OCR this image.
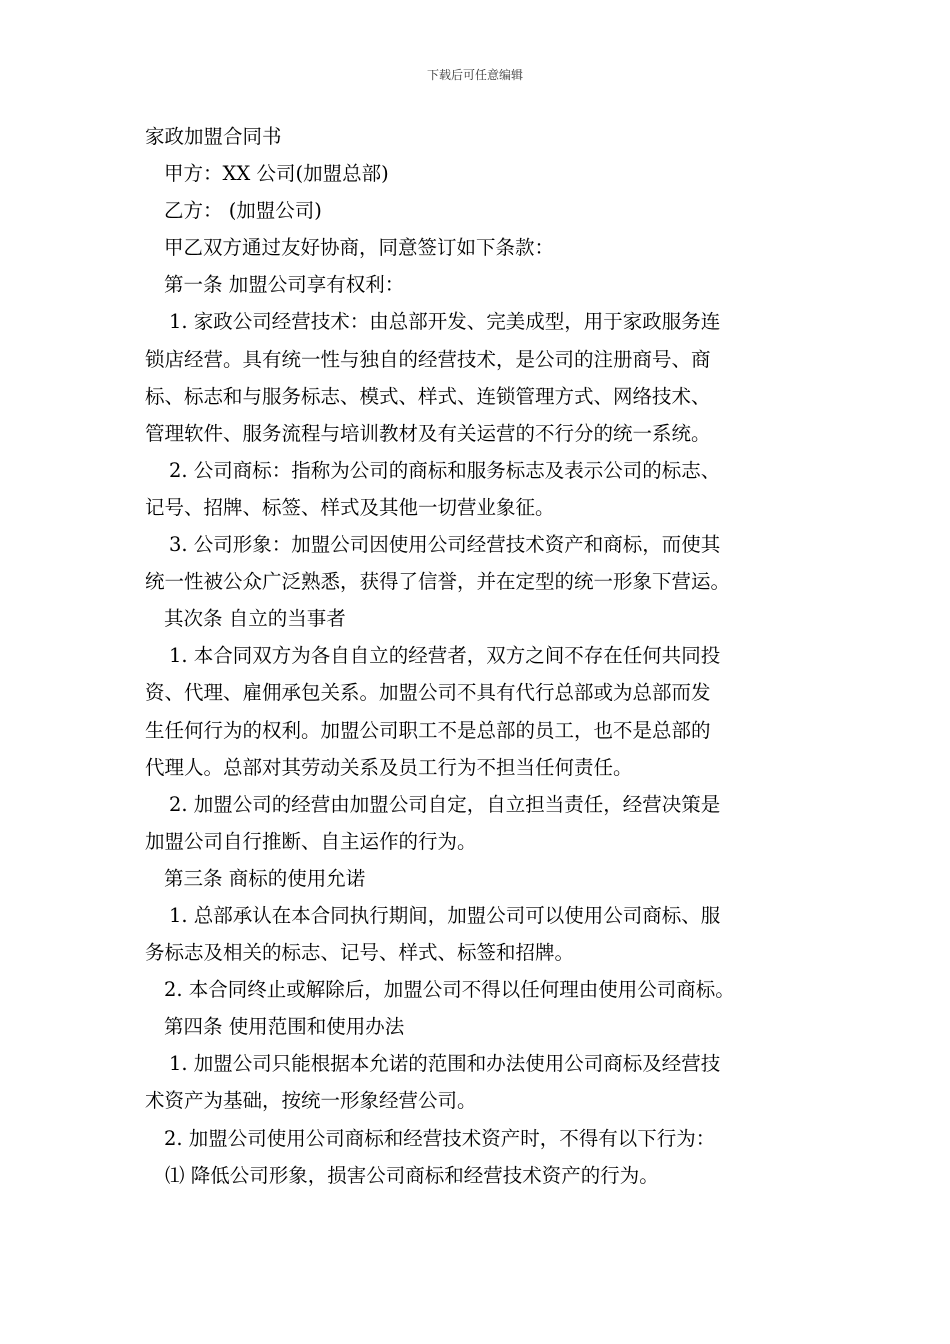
下载后可任意编辑
家政加盟合同书
甲方：XX 公司(加盟总部)
乙方： (加盟公司)
甲乙双方通过友好协商，同意签订如下条款：
第一条 加盟公司享有权利：
1. 家政公司经营技术：由总部开发、完美成型，用于家政服务连
锁店经营。具有统一性与独自的经营技术，是公司的注册商号、商
标、标志和与服务标志、模式、样式、连锁管理方式、网络技术、
管理软件、服务流程与培训教材及有关运营的不行分的统一系统。
2. 公司商标：指称为公司的商标和服务标志及表示公司的标志、
记号、招牌、标签、样式及其他一切营业象征。
3. 公司形象：加盟公司因使用公司经营技术资产和商标，而使其
统一性被公众广泛熟悉，获得了信誉，并在定型的统一形象下营运。
其次条 自立的当事者
1. 本合同双方为各自自立的经营者，双方之间不存在任何共同投
资、代理、雇佣承包关系。加盟公司不具有代行总部或为总部而发
生任何行为的权利。加盟公司职工不是总部的员工，也不是总部的
代理人。总部对其劳动关系及员工行为不担当任何责任。
2. 加盟公司的经营由加盟公司自定，自立担当责任，经营决策是
加盟公司自行推断、自主运作的行为。
第三条 商标的使用允诺
1. 总部承认在本合同执行期间，加盟公司可以使用公司商标、服
务标志及相关的标志、记号、样式、标签和招牌。
2. 本合同终止或解除后，加盟公司不得以任何理由使用公司商标。
第四条 使用范围和使用办法
1. 加盟公司只能根据本允诺的范围和办法使用公司商标及经营技
术资产为基础，按统一形象经营公司。
2. 加盟公司使用公司商标和经营技术资产时，不得有以下行为：
⑴ 降低公司形象，损害公司商标和经营技术资产的行为。
